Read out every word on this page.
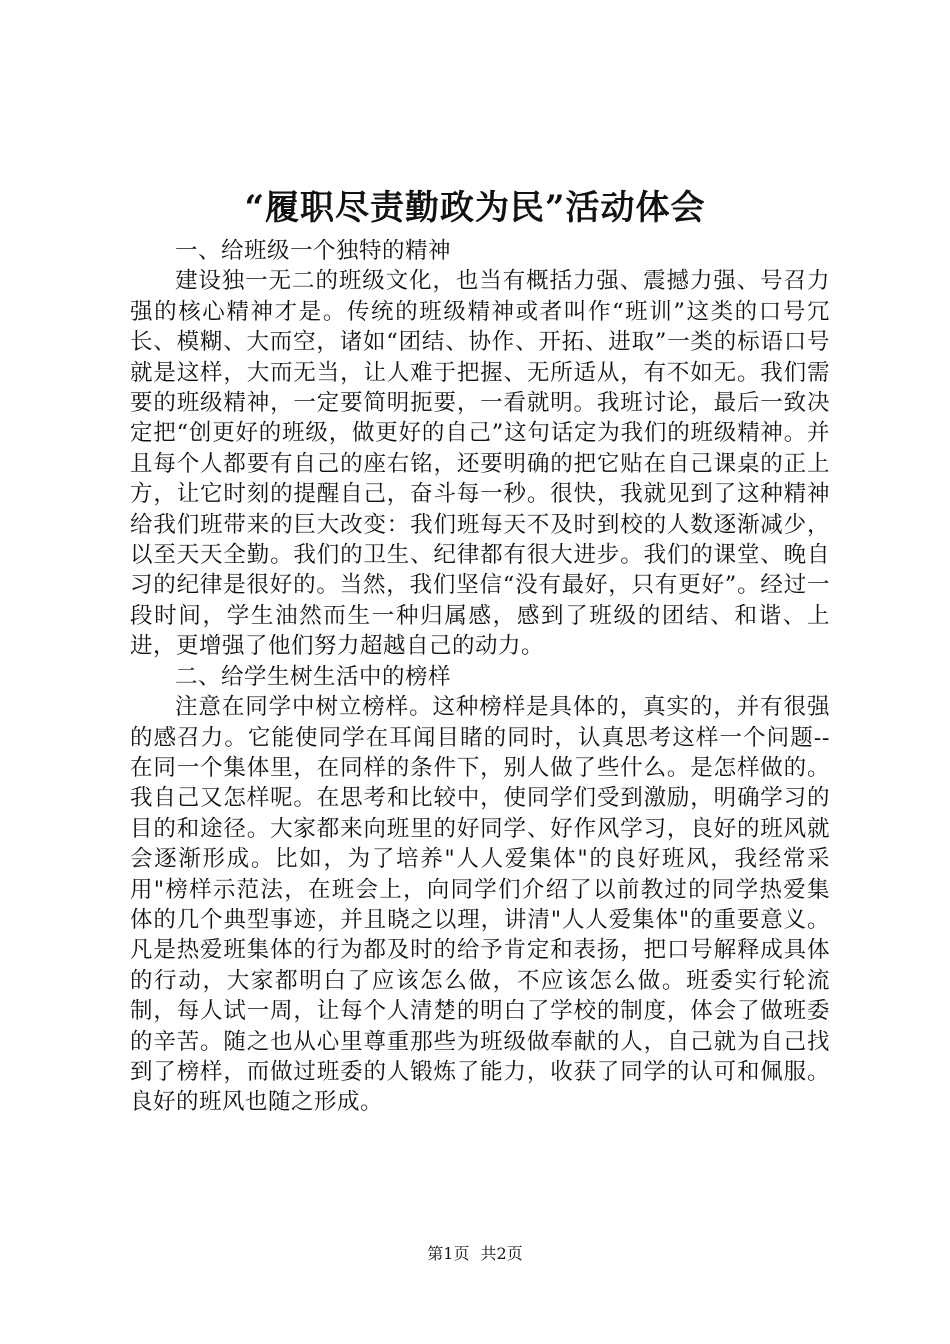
“履职尽责勤政为民”活动体会

一、给班级一个独特的精神

建设独一无二的班级文化，也当有概括力强、震撼力强、号召力强的核心精神才是。传统的班级精神或者叫作“班训”这类的口号冗长、模糊、大而空，诸如“团结、协作、开拓、进取”一类的标语口号就是这样，大而无当，让人难于把握、无所适从，有不如无。我们需要的班级精神，一定要简明扼要，一看就明。我班讨论，最后一致决定把“创更好的班级，做更好的自己”这句话定为我们的班级精神。并且每个人都要有自己的座右铭，还要明确的把它贴在自己课桌的正上方，让它时刻的提醒自己，奋斗每一秒。很快，我就见到了这种精神给我们班带来的巨大改变：我们班每天不及时到校的人数逐渐减少，以至天天全勤。我们的卫生、纪律都有很大进步。我们的课堂、晚自习的纪律是很好的。当然，我们坚信“没有最好，只有更好”。经过一段时间，学生油然而生一种归属感，感到了班级的团结、和谐、上进，更增强了他们努力超越自己的动力。

二、给学生树生活中的榜样

注意在同学中树立榜样。这种榜样是具体的，真实的，并有很强的感召力。它能使同学在耳闻目睹的同时，认真思考这样一个问题--在同一个集体里，在同样的条件下，别人做了些什么。是怎样做的。我自己又怎样呢。在思考和比较中，使同学们受到激励，明确学习的目的和途径。大家都来向班里的好同学、好作风学习，良好的班风就会逐渐形成。比如，为了培养"人人爱集体"的良好班风，我经常采用"榜样示范法，在班会上，向同学们介绍了以前教过的同学热爱集体的几个典型事迹，并且晓之以理，讲清"人人爱集体"的重要意义。凡是热爱班集体的行为都及时的给予肯定和表扬，把口号解释成具体的行动，大家都明白了应该怎么做，不应该怎么做。班委实行轮流制，每人试一周，让每个人清楚的明白了学校的制度，体会了做班委的辛苦。随之也从心里尊重那些为班级做奉献的人，自己就为自己找到了榜样，而做过班委的人锻炼了能力，收获了同学的认可和佩服。良好的班风也随之形成。

第1页 共2页
